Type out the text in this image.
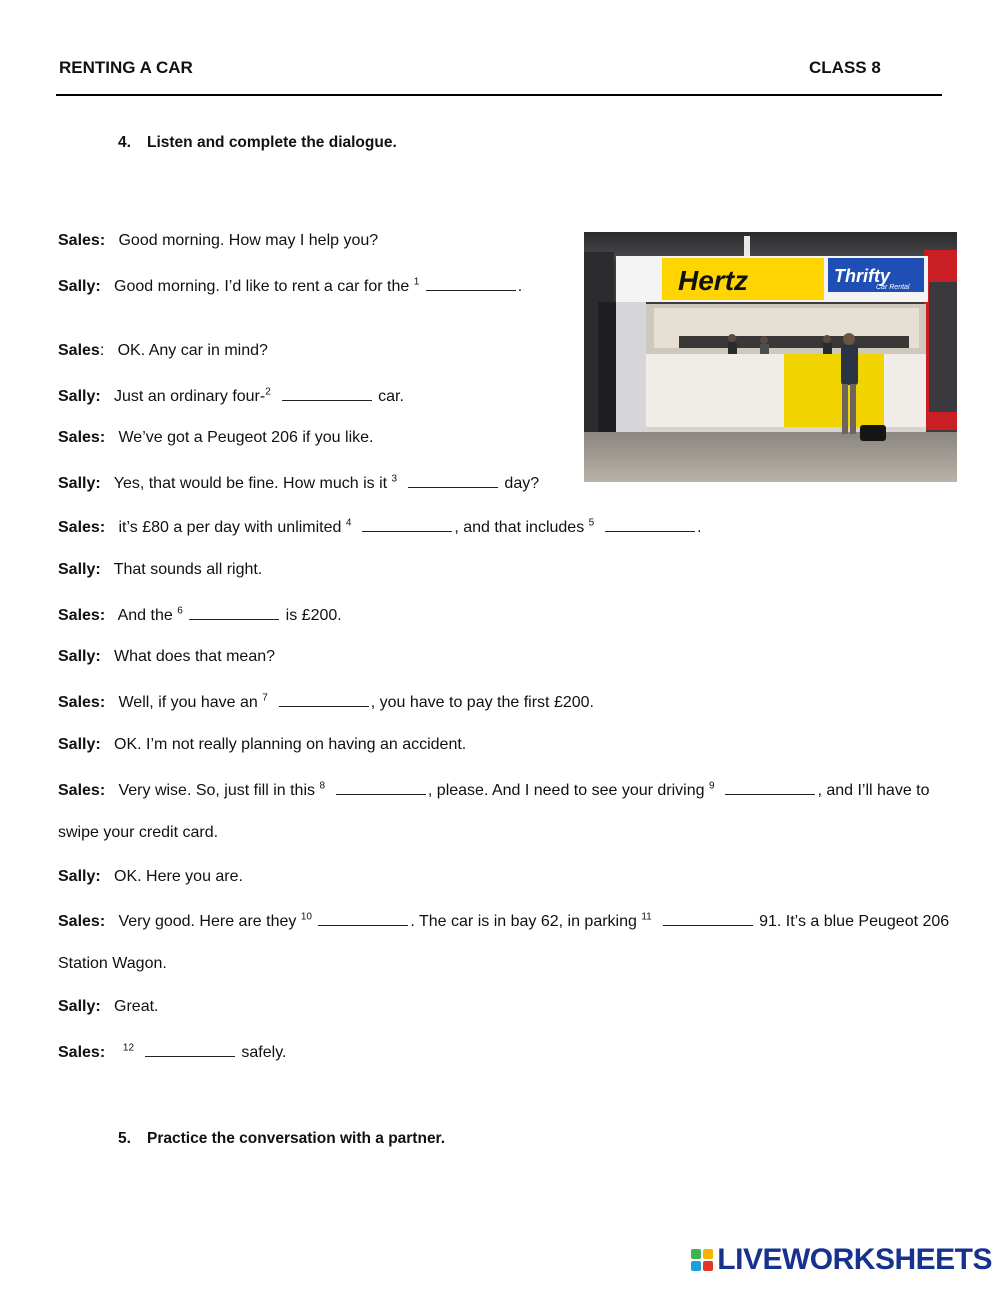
RENTING A CAR	CLASS 8
4. Listen and complete the dialogue.
Sales: Good morning. How may I help you?
Sally: Good morning. I’d like to rent a car for the $^1$	.
Sales: OK. Any car in mind?
Sally: Just an ordinary four-$^2$	car.
Sales: We’ve got a Peugeot 206 if you like.
Sally: Yes, that would be fine. How much is it $^3$	day?
Sales: it’s £80 a per day with unlimited $^4$	, and that includes $^5$	.
Sally: That sounds all right.
Sales: And the $^6$	is £200.
Sally: What does that mean?
Sales: Well, if you have an $^7$	, you have to pay the first £200.
Sally: OK. I’m not really planning on having an accident.
Sales: Very wise. So, just fill in this $^8$	, please. And I need to see your driving $^9$	, and I’ll have to
swipe your credit card.
Sally: OK. Here you are.
Sales: Very good. Here are they $^{10}$	. The car is in bay 62, in parking $^{11}$	91. It’s a blue Peugeot 206
Station Wagon.
Sally: Great.
Sales: $^{12}$	safely.
5. Practice the conversation with a partner.
Hertz	Thrifty
Car Rental
LIVEWORKSHEETS
